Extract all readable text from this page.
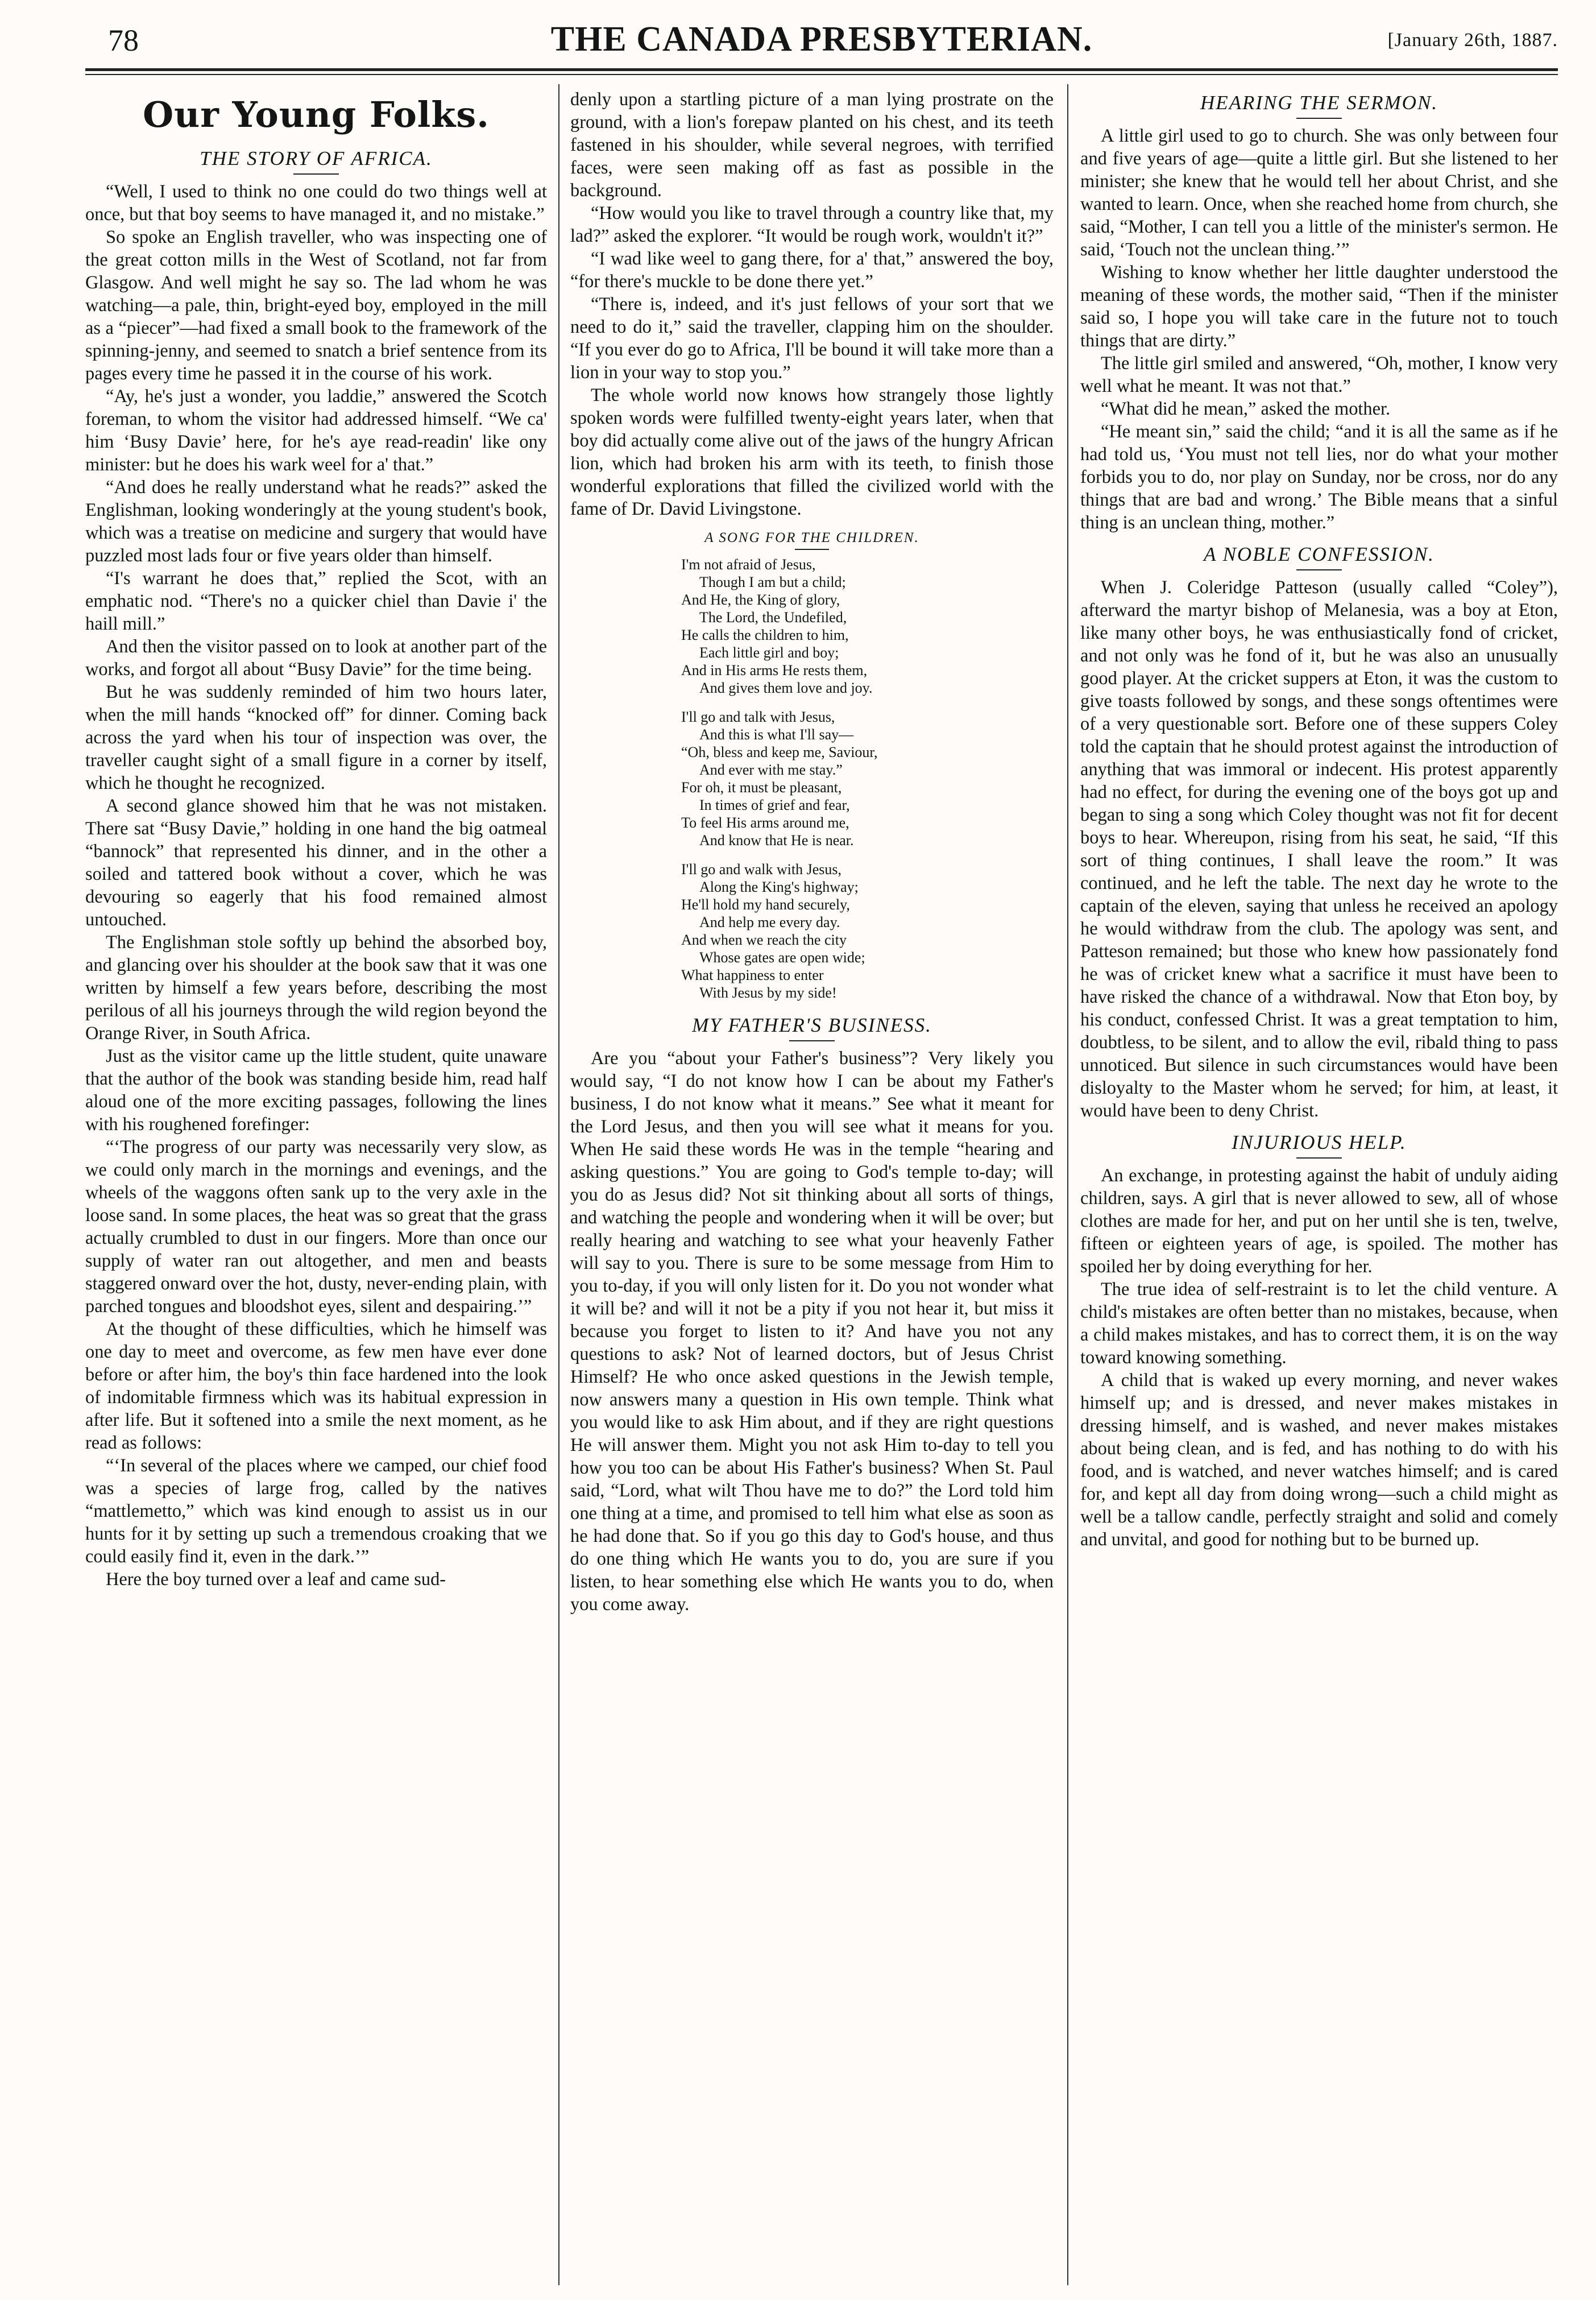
78	THE CANADA PRESBYTERIAN.	[January 26th, 1887.
Our Young Folks.
THE STORY OF AFRICA.

“Well, I used to think no one could do two things well at once, but that boy seems to have managed it, and no mistake.”

So spoke an English traveller, who was inspecting one of the great cotton mills in the West of Scotland, not far from Glasgow. And well might he say so. The lad whom he was watching—a pale, thin, bright-eyed boy, employed in the mill as a “piecer”—had fixed a small book to the framework of the spinning-jenny, and seemed to snatch a brief sentence from its pages every time he passed it in the course of his work.

“Ay, he's just a wonder, you laddie,” answered the Scotch foreman, to whom the visitor had addressed himself. “We ca' him ‘Busy Davie’ here, for he's aye read-readin' like ony minister: but he does his wark weel for a' that.”

“And does he really understand what he reads?” asked the Englishman, looking wonderingly at the young student's book, which was a treatise on medicine and surgery that would have puzzled most lads four or five years older than himself.

“I's warrant he does that,” replied the Scot, with an emphatic nod. “There's no a quicker chiel than Davie i' the haill mill.”

And then the visitor passed on to look at another part of the works, and forgot all about “Busy Davie” for the time being.

But he was suddenly reminded of him two hours later, when the mill hands “knocked off” for dinner. Coming back across the yard when his tour of inspection was over, the traveller caught sight of a small figure in a corner by itself, which he thought he recognized.

A second glance showed him that he was not mistaken. There sat “Busy Davie,” holding in one hand the big oatmeal “bannock” that represented his dinner, and in the other a soiled and tattered book without a cover, which he was devouring so eagerly that his food remained almost untouched.

The Englishman stole softly up behind the absorbed boy, and glancing over his shoulder at the book saw that it was one written by himself a few years before, describing the most perilous of all his journeys through the wild region beyond the Orange River, in South Africa.

Just as the visitor came up the little student, quite unaware that the author of the book was standing beside him, read half aloud one of the more exciting passages, following the lines with his roughened forefinger:

“‘The progress of our party was necessarily very slow, as we could only march in the mornings and evenings, and the wheels of the waggons often sank up to the very axle in the loose sand. In some places, the heat was so great that the grass actually crumbled to dust in our fingers. More than once our supply of water ran out altogether, and men and beasts staggered onward over the hot, dusty, never-ending plain, with parched tongues and bloodshot eyes, silent and despairing.’”

At the thought of these difficulties, which he himself was one day to meet and overcome, as few men have ever done before or after him, the boy's thin face hardened into the look of indomitable firmness which was its habitual expression in after life. But it softened into a smile the next moment, as he read as follows:

“‘In several of the places where we camped, our chief food was a species of large frog, called by the natives “mattlemetto,” which was kind enough to assist us in our hunts for it by setting up such a tremendous croaking that we could easily find it, even in the dark.’”

Here the boy turned over a leaf and came sud-

denly upon a startling picture of a man lying prostrate on the ground, with a lion's forepaw planted on his chest, and its teeth fastened in his shoulder, while several negroes, with terrified faces, were seen making off as fast as possible in the background.

“How would you like to travel through a country like that, my lad?” asked the explorer. “It would be rough work, wouldn't it?”

“I wad like weel to gang there, for a' that,” answered the boy, “for there's muckle to be done there yet.”

“There is, indeed, and it's just fellows of your sort that we need to do it,” said the traveller, clapping him on the shoulder. “If you ever do go to Africa, I'll be bound it will take more than a lion in your way to stop you.”

The whole world now knows how strangely those lightly spoken words were fulfilled twenty-eight years later, when that boy did actually come alive out of the jaws of the hungry African lion, which had broken his arm with its teeth, to finish those wonderful explorations that filled the civilized world with the fame of Dr. David Livingstone.

A SONG FOR THE CHILDREN.
I'm not afraid of Jesus,
Though I am but a child;
And He, the King of glory,
The Lord, the Undefiled,
He calls the children to him,
Each little girl and boy;
And in His arms He rests them,
And gives them love and joy.
I'll go and talk with Jesus,
And this is what I'll say—
“Oh, bless and keep me, Saviour,
And ever with me stay.”
For oh, it must be pleasant,
In times of grief and fear,
To feel His arms around me,
And know that He is near.
I'll go and walk with Jesus,
Along the King's highway;
He'll hold my hand securely,
And help me every day.
And when we reach the city
Whose gates are open wide;
What happiness to enter
With Jesus by my side!
MY FATHER'S BUSINESS.

Are you “about your Father's business”? Very likely you would say, “I do not know how I can be about my Father's business, I do not know what it means.” See what it meant for the Lord Jesus, and then you will see what it means for you. When He said these words He was in the temple “hearing and asking questions.” You are going to God's temple to-day; will you do as Jesus did? Not sit thinking about all sorts of things, and watching the people and wondering when it will be over; but really hearing and watching to see what your heavenly Father will say to you. There is sure to be some message from Him to you to-day, if you will only listen for it. Do you not wonder what it will be? and will it not be a pity if you not hear it, but miss it because you forget to listen to it? And have you not any questions to ask? Not of learned doctors, but of Jesus Christ Himself? He who once asked questions in the Jewish temple, now answers many a question in His own temple. Think what you would like to ask Him about, and if they are right questions He will answer them. Might you not ask Him to-day to tell you how you too can be about His Father's business? When St. Paul said, “Lord, what wilt Thou have me to do?” the Lord told him one thing at a time, and promised to tell him what else as soon as he had done that. So if you go this day to God's house, and thus do one thing which He wants you to do, you are sure if you listen, to hear something else which He wants you to do, when you come away.

HEARING THE SERMON.

A little girl used to go to church. She was only between four and five years of age—quite a little girl. But she listened to her minister; she knew that he would tell her about Christ, and she wanted to learn. Once, when she reached home from church, she said, “Mother, I can tell you a little of the minister's sermon. He said, ‘Touch not the unclean thing.’”

Wishing to know whether her little daughter understood the meaning of these words, the mother said, “Then if the minister said so, I hope you will take care in the future not to touch things that are dirty.”

The little girl smiled and answered, “Oh, mother, I know very well what he meant. It was not that.”

“What did he mean,” asked the mother.

“He meant sin,” said the child; “and it is all the same as if he had told us, ‘You must not tell lies, nor do what your mother forbids you to do, nor play on Sunday, nor be cross, nor do any things that are bad and wrong.’ The Bible means that a sinful thing is an unclean thing, mother.”

A NOBLE CONFESSION.

When J. Coleridge Patteson (usually called “Coley”), afterward the martyr bishop of Melanesia, was a boy at Eton, like many other boys, he was enthusiastically fond of cricket, and not only was he fond of it, but he was also an unusually good player. At the cricket suppers at Eton, it was the custom to give toasts followed by songs, and these songs oftentimes were of a very questionable sort. Before one of these suppers Coley told the captain that he should protest against the introduction of anything that was immoral or indecent. His protest apparently had no effect, for during the evening one of the boys got up and began to sing a song which Coley thought was not fit for decent boys to hear. Whereupon, rising from his seat, he said, “If this sort of thing continues, I shall leave the room.” It was continued, and he left the table. The next day he wrote to the captain of the eleven, saying that unless he received an apology he would withdraw from the club. The apology was sent, and Patteson remained; but those who knew how passionately fond he was of cricket knew what a sacrifice it must have been to have risked the chance of a withdrawal. Now that Eton boy, by his conduct, confessed Christ. It was a great temptation to him, doubtless, to be silent, and to allow the evil, ribald thing to pass unnoticed. But silence in such circumstances would have been disloyalty to the Master whom he served; for him, at least, it would have been to deny Christ.

INJURIOUS HELP.

An exchange, in protesting against the habit of unduly aiding children, says. A girl that is never allowed to sew, all of whose clothes are made for her, and put on her until she is ten, twelve, fifteen or eighteen years of age, is spoiled. The mother has spoiled her by doing everything for her.

The true idea of self-restraint is to let the child venture. A child's mistakes are often better than no mistakes, because, when a child makes mistakes, and has to correct them, it is on the way toward knowing something.

A child that is waked up every morning, and never wakes himself up; and is dressed, and never makes mistakes in dressing himself, and is washed, and never makes mistakes about being clean, and is fed, and has nothing to do with his food, and is watched, and never watches himself; and is cared for, and kept all day from doing wrong—such a child might as well be a tallow candle, perfectly straight and solid and comely and unvital, and good for nothing but to be burned up.
